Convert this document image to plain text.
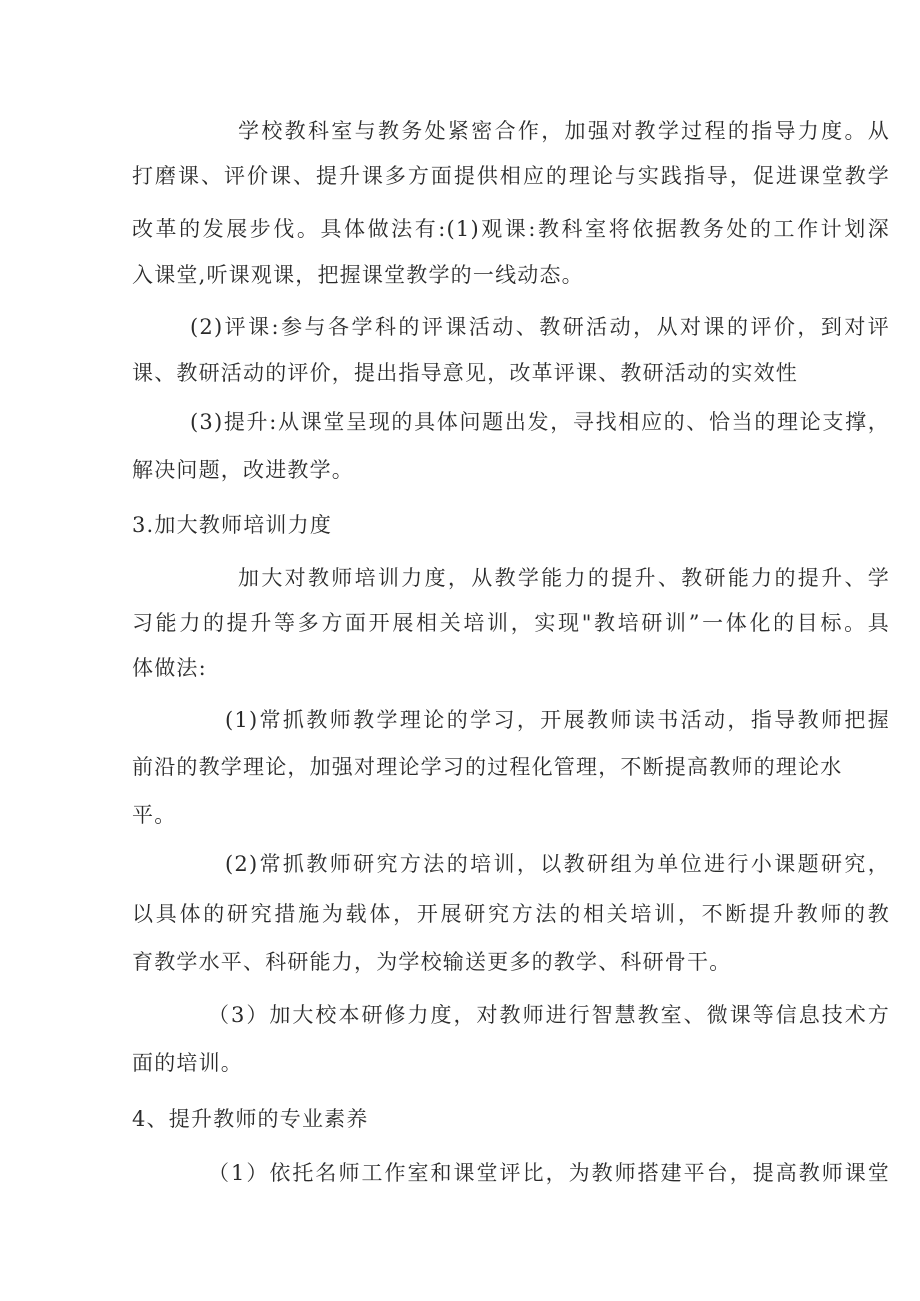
学校教科室与教务处紧密合作，加强对教学过程的指导力度。从
打磨课、评价课、提升课多方面提供相应的理论与实践指导，促进课堂教学
改革的发展步伐。具体做法有:(1)观课:教科室将依据教务处的工作计划深
入课堂,听课观课，把握课堂教学的一线动态。
(2)评课:参与各学科的评课活动、教研活动，从对课的评价，到对评
课、教研活动的评价，提出指导意见，改革评课、教研活动的实效性
(3)提升:从课堂呈现的具体问题出发，寻找相应的、恰当的理论支撑，
解决问题，改进教学。
3.加大教师培训力度
加大对教师培训力度，从教学能力的提升、教研能力的提升、学
习能力的提升等多方面开展相关培训，实现"教培研训”一体化的目标。具
体做法:
(1)常抓教师教学理论的学习，开展教师读书活动，指导教师把握
前沿的教学理论，加强对理论学习的过程化管理，不断提高教师的理论水
平。
(2)常抓教师研究方法的培训，以教研组为单位进行小课题研究，
以具体的研究措施为载体，开展研究方法的相关培训，不断提升教师的教
育教学水平、科研能力，为学校输送更多的教学、科研骨干。
（3）加大校本研修力度，对教师进行智慧教室、微课等信息技术方
面的培训。
4、提升教师的专业素养
（1）依托名师工作室和课堂评比，为教师搭建平台，提高教师课堂
